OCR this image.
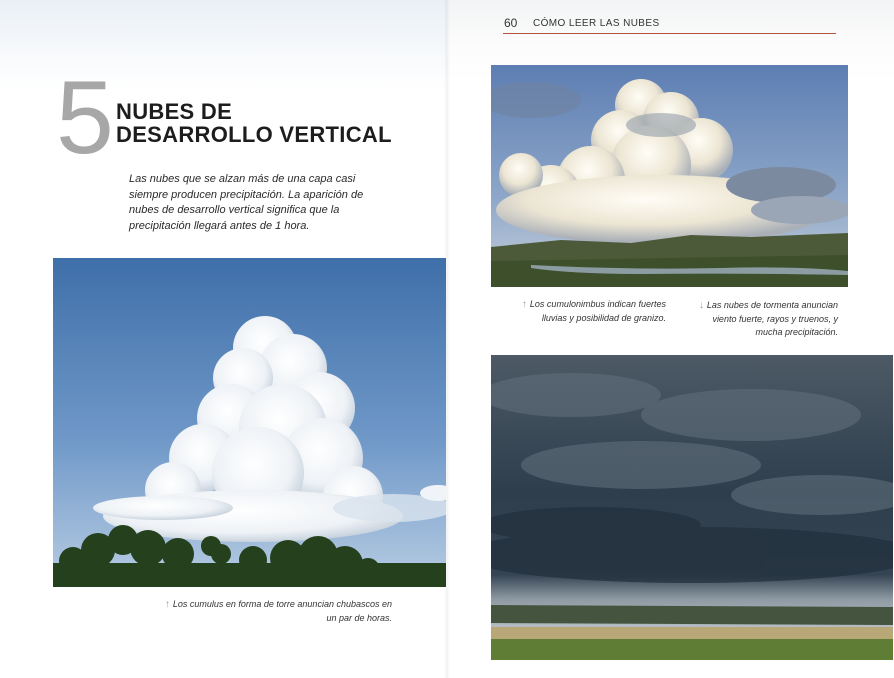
60 CÓMO LEER LAS NUBES
5 NUBES DE
DESARROLLO VERTICAL

Las nubes que se alzan más de una capa casi siempre producen precipitación. La aparición de nubes de desarrollo vertical significa que la precipitación llegará antes de 1 hora.

↑ Los cumulus en forma de torre anuncian chubascos en un par de horas.

↑ Los cumulonimbus indican fuertes lluvias y posibilidad de granizo.

↓ Las nubes de tormenta anuncian viento fuerte, rayos y truenos, y mucha precipitación.
